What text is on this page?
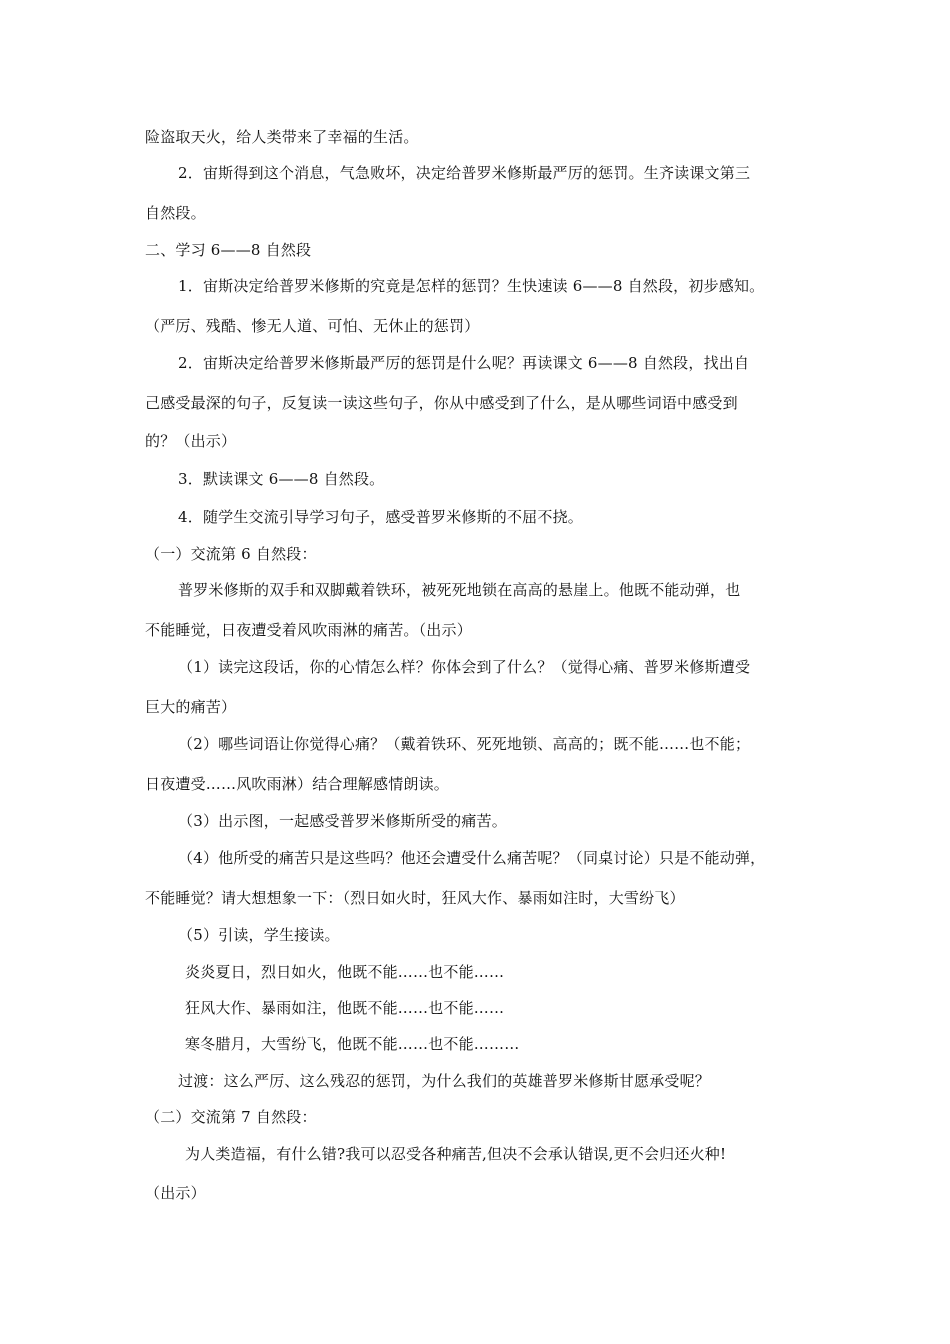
险盗取天火，给人类带来了幸福的生活。
2．宙斯得到这个消息，气急败坏，决定给普罗米修斯最严厉的惩罚。生齐读课文第三
自然段。
二、学习 6——8 自然段
1．宙斯决定给普罗米修斯的究竟是怎样的惩罚？生快速读 6——8 自然段，初步感知。
（严厉、残酷、惨无人道、可怕、无休止的惩罚）
2．宙斯决定给普罗米修斯最严厉的惩罚是什么呢？再读课文 6——8 自然段，找出自
己感受最深的句子，反复读一读这些句子，你从中感受到了什么，是从哪些词语中感受到
的？（出示）
3．默读课文 6——8 自然段。
4．随学生交流引导学习句子，感受普罗米修斯的不屈不挠。
（一）交流第 6 自然段：
普罗米修斯的双手和双脚戴着铁环，被死死地锁在高高的悬崖上。他既不能动弹，也
不能睡觉，日夜遭受着风吹雨淋的痛苦。（出示）
（1）读完这段话，你的心情怎么样？你体会到了什么？（觉得心痛、普罗米修斯遭受
巨大的痛苦）
（2）哪些词语让你觉得心痛？（戴着铁环、死死地锁、高高的；既不能……也不能；
日夜遭受……风吹雨淋）结合理解感情朗读。
（3）出示图，一起感受普罗米修斯所受的痛苦。
（4）他所受的痛苦只是这些吗？他还会遭受什么痛苦呢？（同桌讨论）只是不能动弹，
不能睡觉？请大想想象一下：（烈日如火时，狂风大作、暴雨如注时，大雪纷飞）
（5）引读，学生接读。
炎炎夏日，烈日如火，他既不能……也不能……
狂风大作、暴雨如注，他既不能……也不能……
寒冬腊月，大雪纷飞，他既不能……也不能………
过渡：这么严厉、这么残忍的惩罚，为什么我们的英雄普罗米修斯甘愿承受呢？
（二）交流第 7 自然段：
为人类造福，有什么错?我可以忍受各种痛苦,但决不会承认错误,更不会归还火种!
（出示）
